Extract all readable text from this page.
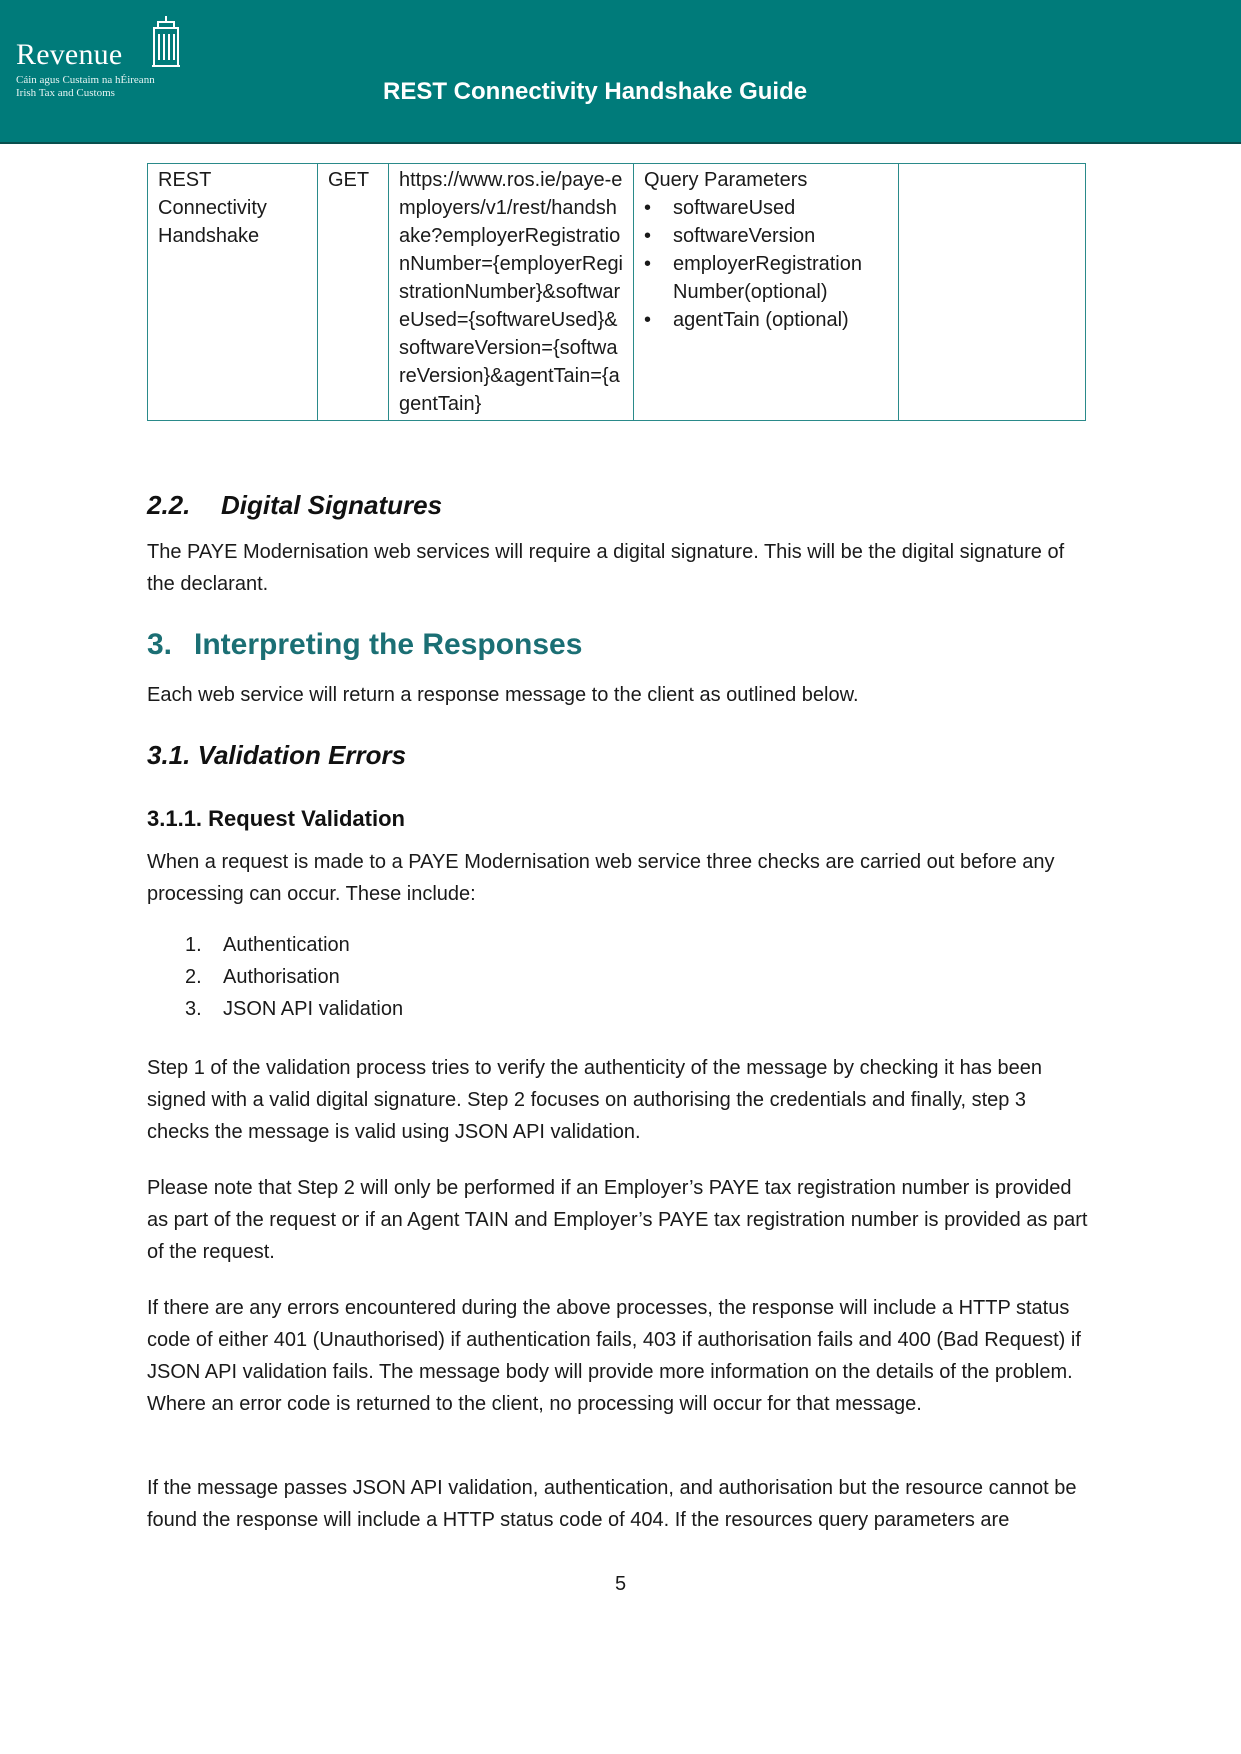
Revenue
Cáin agus Custaim na hÉireann
Irish Tax and Customs	REST Connectivity Handshake Guide
REST Connectivity Handshake	GET	https://www.ros.ie/paye-employers/v1/rest/handshake?employerRegistrationNumber={employerRegistrationNumber}&softwareUsed={softwareUsed}&softwareVersion={softwareVersion}&agentTain={agentTain}	Query Parameters
• softwareUsed
• softwareVersion
• employerRegistration Number(optional)
• agentTain (optional)

2.2. Digital Signatures
The PAYE Modernisation web services will require a digital signature. This will be the digital signature of the declarant.
3. Interpreting the Responses
Each web service will return a response message to the client as outlined below.
3.1. Validation Errors
3.1.1. Request Validation
When a request is made to a PAYE Modernisation web service three checks are carried out before any processing can occur. These include:
1. Authentication
2. Authorisation
3. JSON API validation
Step 1 of the validation process tries to verify the authenticity of the message by checking it has been signed with a valid digital signature. Step 2 focuses on authorising the credentials and finally, step 3 checks the message is valid using JSON API validation.
Please note that Step 2 will only be performed if an Employer’s PAYE tax registration number is provided as part of the request or if an Agent TAIN and Employer’s PAYE tax registration number is provided as part of the request.
If there are any errors encountered during the above processes, the response will include a HTTP status code of either 401 (Unauthorised) if authentication fails, 403 if authorisation fails and 400 (Bad Request) if JSON API validation fails. The message body will provide more information on the details of the problem. Where an error code is returned to the client, no processing will occur for that message.
If the message passes JSON API validation, authentication, and authorisation but the resource cannot be found the response will include a HTTP status code of 404. If the resources query parameters are
5
